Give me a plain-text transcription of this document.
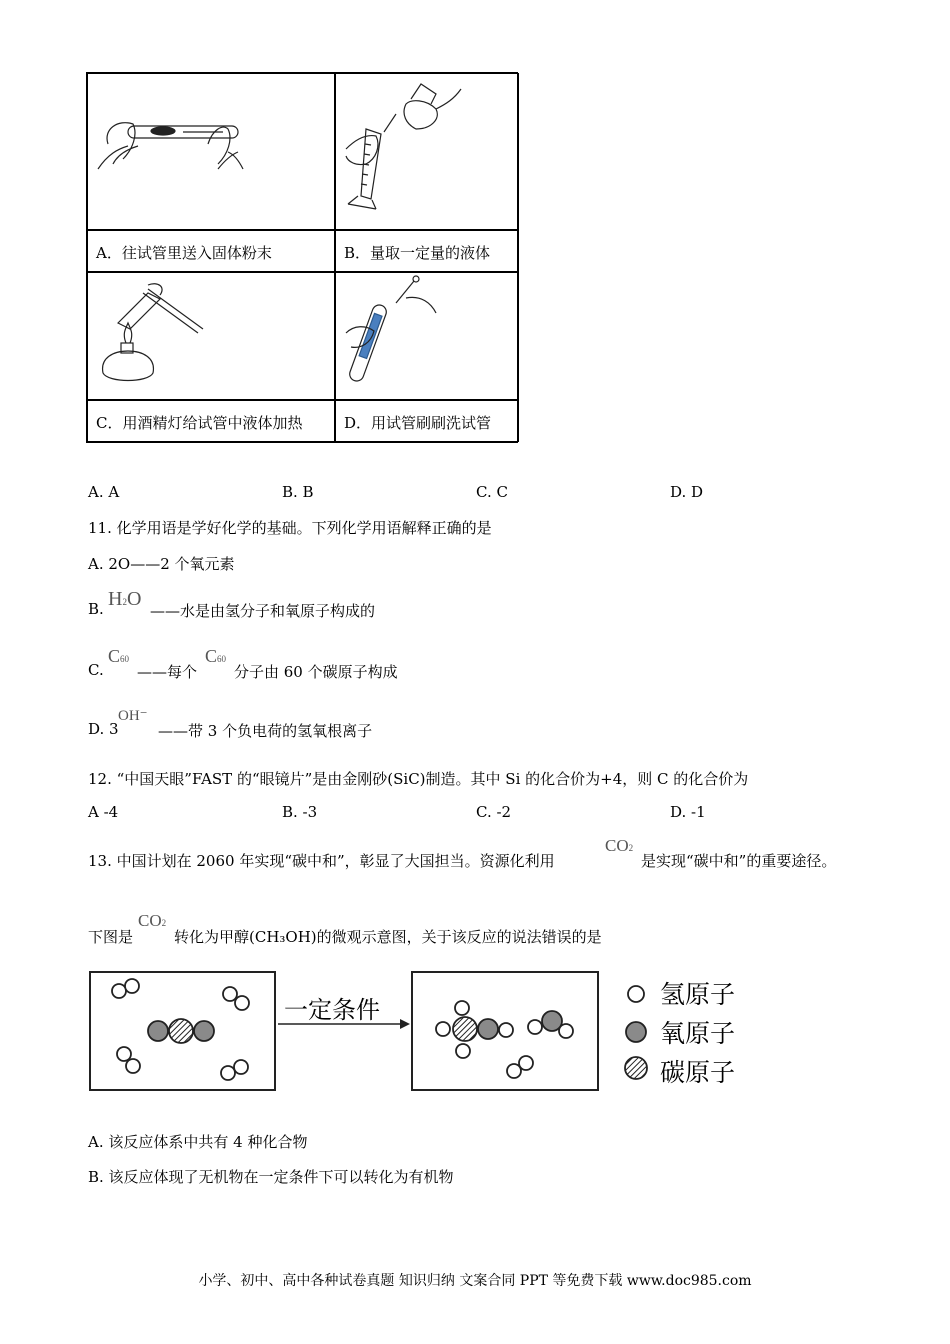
A．往试管里送入固体粉末	B．量取一定量的液体
C．用酒精灯给试管中液体加热	D．用试管刷刷洗试管
A. A	B. B	C. C	D. D
11. 化学用语是学好化学的基础。下列化学用语解释正确的是
A. 2O——2 个氧元素
B. H2O
——水是由氢分子和氧原子构成的
C.
C60
——每个
C60
分子由 60 个碳原子构成
D. 3
OH⁻
——带 3 个负电荷的氢氧根离子
12. “中国天眼”FAST 的“眼镜片”是由金刚砂(SiC)制造。其中 Si 的化合价为+4，则 C 的化合价为
A -4	B. -3	C. -2	D. -1
13. 中国计划在 2060 年实现“碳中和”，彰显了大国担当。资源化利用
CO2
是实现“碳中和”的重要途径。
下图是
CO2
转化为甲醇(CH₃OH)的微观示意图，关于该反应的说法错误的是
一定条件
氢原子
氧原子
碳原子
A. 该反应体系中共有 4 种化合物
B. 该反应体现了无机物在一定条件下可以转化为有机物
小学、初中、高中各种试卷真题 知识归纳 文案合同 PPT 等免费下载 www.doc985.com
